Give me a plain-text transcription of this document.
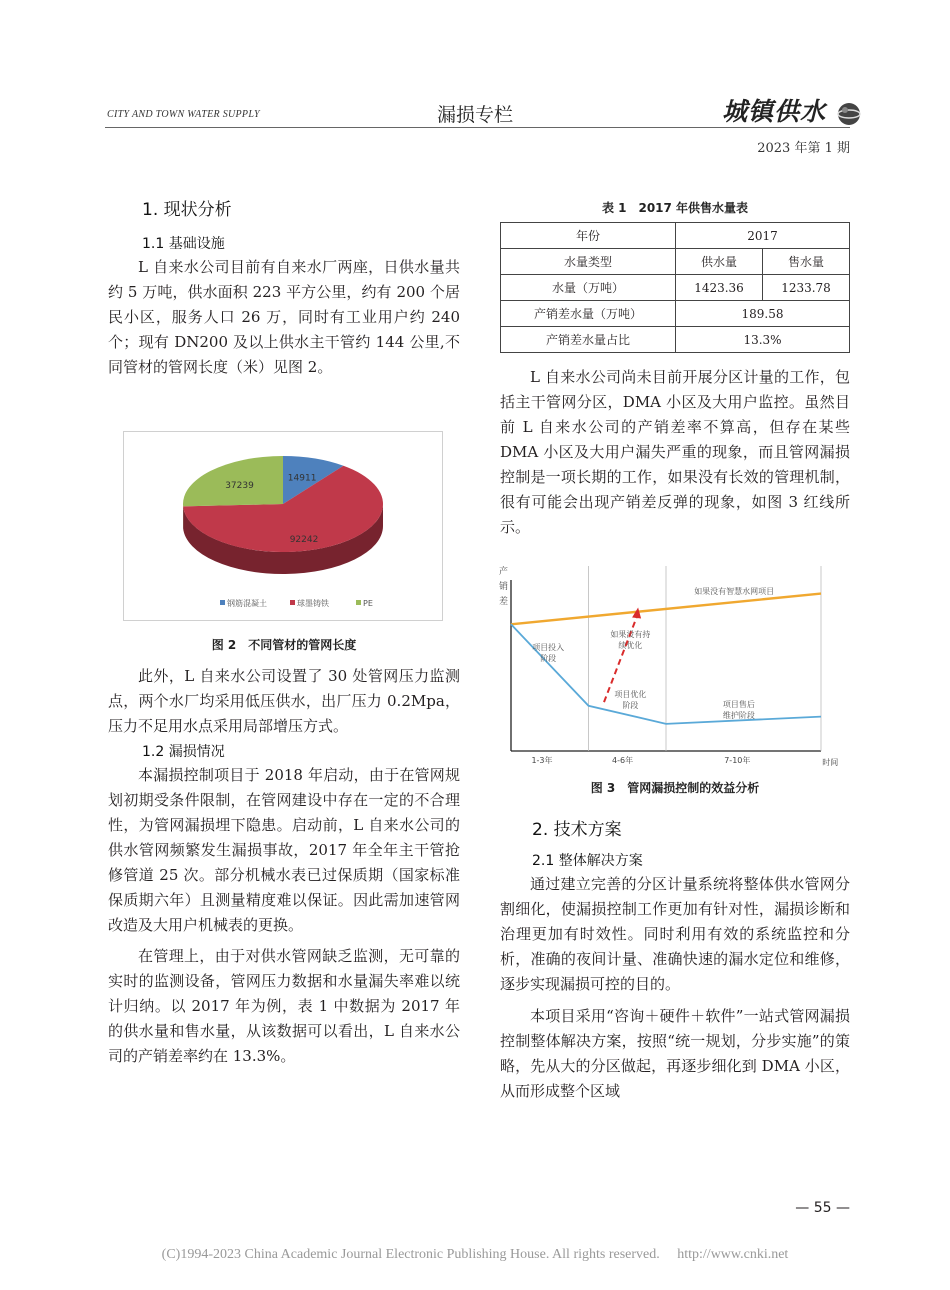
CITY AND TOWN WATER SUPPLY	漏损专栏	城镇供水
2023 年第 1 期
1. 现状分析
1.1 基础设施

L 自来水公司目前有自来水厂两座，日供水量共约 5 万吨，供水面积 223 平方公里，约有 200 个居民小区，服务人口 26 万，同时有工业用户约 240 个；现有 DN200 及以上供水主干管约 144 公里,不同管材的管网长度（米）见图 2。

14911
92242
37239
钢筋混凝土	球墨铸铁	PE
图 2　不同管材的管网长度

此外，L 自来水公司设置了 30 处管网压力监测点，两个水厂均采用低压供水，出厂压力 0.2Mpa，压力不足用水点采用局部增压方式。

1.2 漏损情况

本漏损控制项目于 2018 年启动，由于在管网规划初期受条件限制，在管网建设中存在一定的不合理性，为管网漏损埋下隐患。启动前，L 自来水公司的供水管网频繁发生漏损事故，2017 年全年主干管抢修管道 25 次。部分机械水表已过保质期（国家标准保质期六年）且测量精度难以保证。因此需加速管网改造及大用户机械表的更换。

在管理上，由于对供水管网缺乏监测，无可靠的实时的监测设备，管网压力数据和水量漏失率难以统计归纳。以 2017 年为例，表 1 中数据为 2017 年的供水量和售水量，从该数据可以看出，L 自来水公司的产销差率约在 13.3%。

表 1　2017 年供售水量表
年份	2017	
水量类型	供水量	售水量
水量（万吨）	1423.36	1233.78
产销差水量（万吨）	189.58	
产销差水量占比	13.3%	

L 自来水公司尚未目前开展分区计量的工作，包括主干管网分区，DMA 小区及大用户监控。虽然目前 L 自来水公司的产销差率不算高，但存在某些 DMA 小区及大用户漏失严重的现象，而且管网漏损控制是一项长期的工作，如果没有长效的管理机制，很有可能会出现产销差反弹的现象，如图 3 红线所示。

产
销
差
1-3年	4-6年	7-10年	时间
如果没有智慧水网项目
如果没有持续优化
项目投入阶段
项目优化阶段	项目售后维护阶段
图 3　管网漏损控制的效益分析
2. 技术方案
2.1 整体解决方案

通过建立完善的分区计量系统将整体供水管网分割细化，使漏损控制工作更加有针对性，漏损诊断和治理更加有时效性。同时利用有效的系统监控和分析，准确的夜间计量、准确快速的漏水定位和维修，逐步实现漏损可控的目的。

本项目采用“咨询＋硬件＋软件”一站式管网漏损控制整体解决方案，按照“统一规划，分步实施”的策略，先从大的分区做起，再逐步细化到 DMA 小区，从而形成整个区域

— 55 —
(C)1994-2023 China Academic Journal Electronic Publishing House. All rights reserved.　 http://www.cnki.net
